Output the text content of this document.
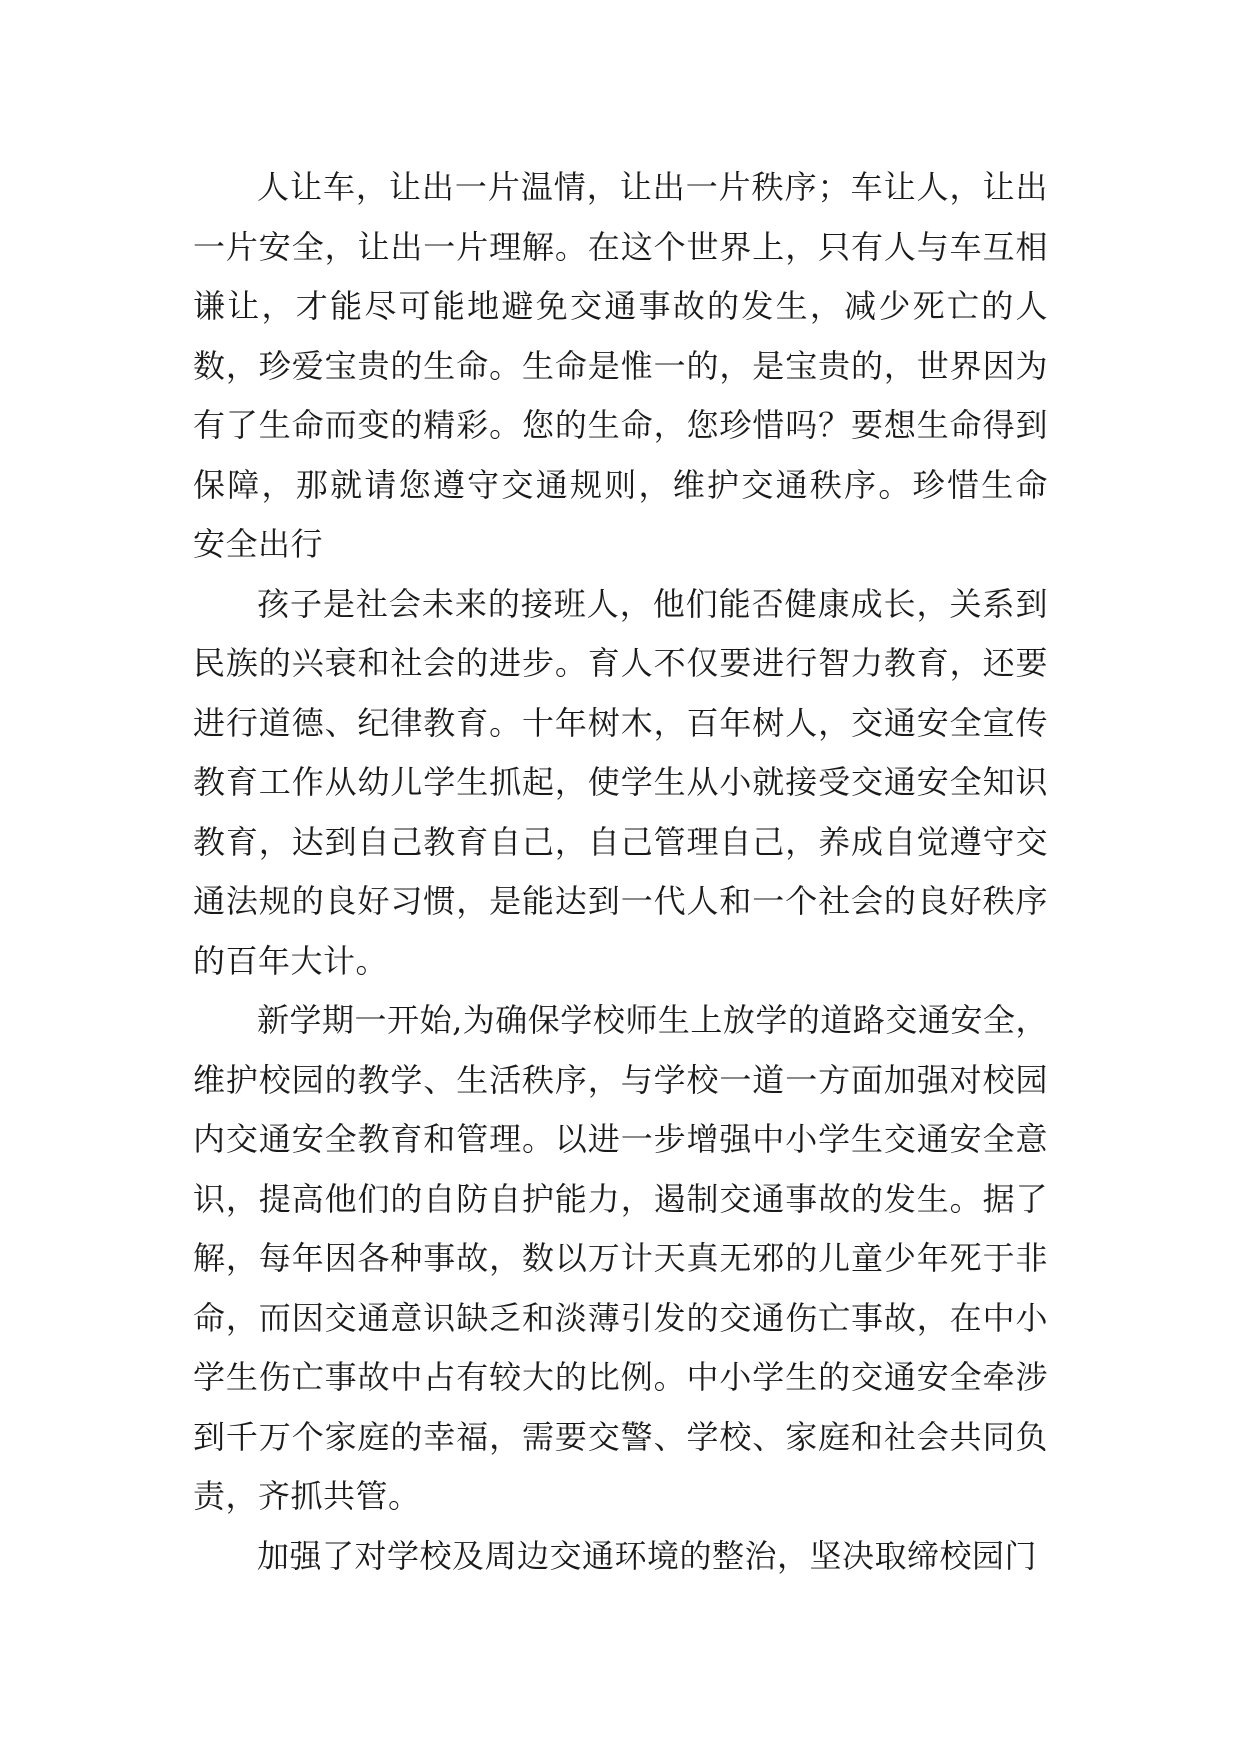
人让车，让出一片温情，让出一片秩序；车让人，让出一片安全，让出一片理解。在这个世界上，只有人与车互相谦让，才能尽可能地避免交通事故的发生，减少死亡的人数，珍爱宝贵的生命。生命是惟一的，是宝贵的，世界因为有了生命而变的精彩。您的生命，您珍惜吗？要想生命得到保障，那就请您遵守交通规则，维护交通秩序。珍惜生命 安全出行

孩子是社会未来的接班人，他们能否健康成长，关系到民族的兴衰和社会的进步。育人不仅要进行智力教育，还要进行道德、纪律教育。十年树木，百年树人，交通安全宣传教育工作从幼儿学生抓起，使学生从小就接受交通安全知识教育，达到自己教育自己，自己管理自己，养成自觉遵守交通法规的良好习惯，是能达到一代人和一个社会的良好秩序的百年大计。

新学期一开始,为确保学校师生上放学的道路交通安全，维护校园的教学、生活秩序，与学校一道一方面加强对校园内交通安全教育和管理。以进一步增强中小学生交通安全意识，提高他们的自防自护能力，遏制交通事故的发生。据了解，每年因各种事故，数以万计天真无邪的儿童少年死于非命，而因交通意识缺乏和淡薄引发的交通伤亡事故，在中小学生伤亡事故中占有较大的比例。中小学生的交通安全牵涉到千万个家庭的幸福，需要交警、学校、家庭和社会共同负责，齐抓共管。

加强了对学校及周边交通环境的整治，坚决取缔校园门
